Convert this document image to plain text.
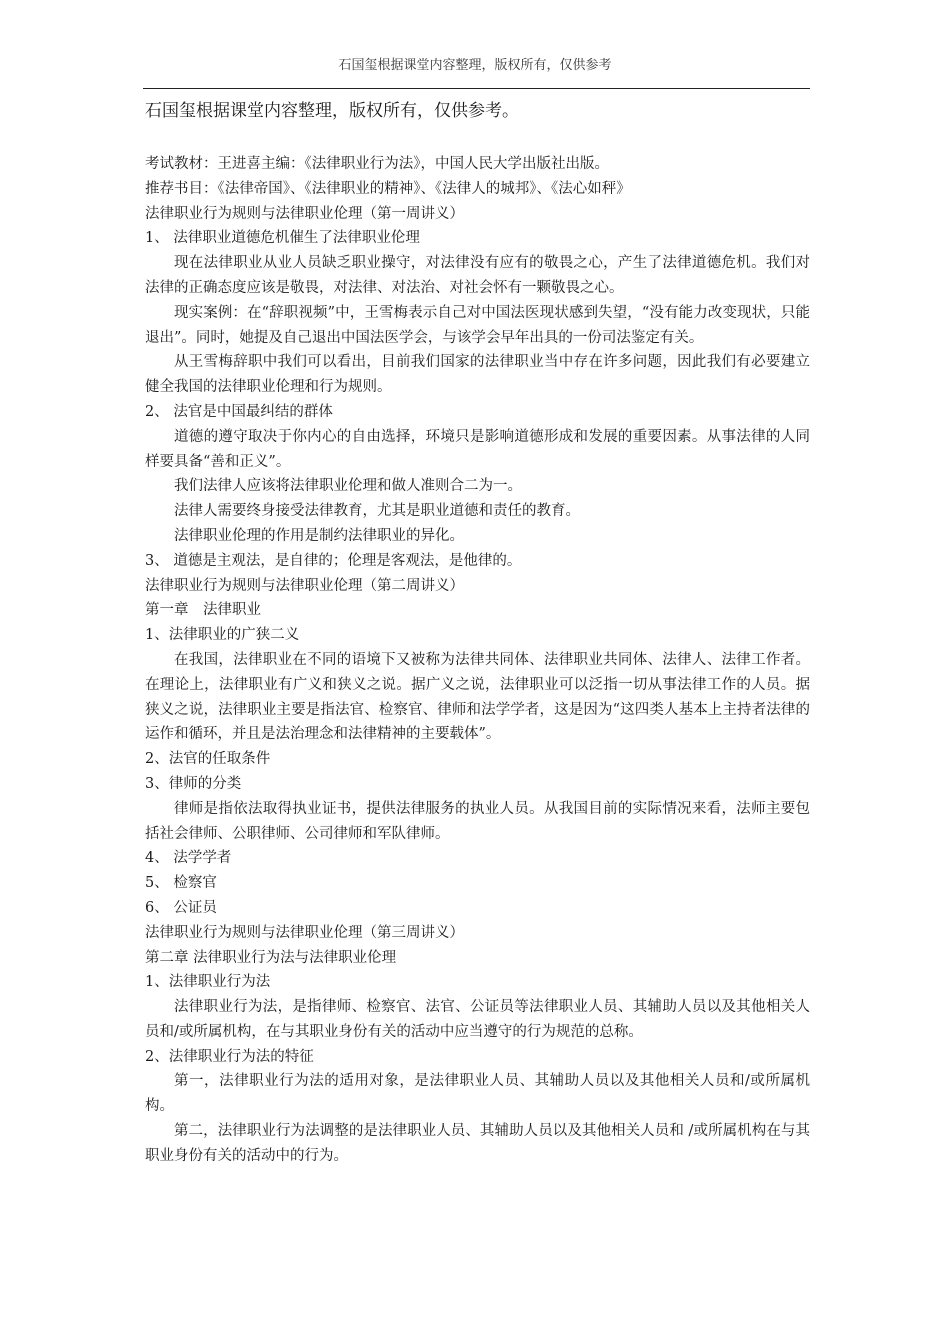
石国玺根据课堂内容整理，版权所有，仅供参考

石国玺根据课堂内容整理，版权所有，仅供参考。

考试教材：王进喜主编：《法律职业行为法》，中国人民大学出版社出版。

推荐书目：《法律帝国》、《法律职业的精神》、《法律人的城邦》、《法心如秤》

法律职业行为规则与法律职业伦理（第一周讲义）

1、 法律职业道德危机催生了法律职业伦理

现在法律职业从业人员缺乏职业操守，对法律没有应有的敬畏之心，产生了法律道德危机。我们对法律的正确态度应该是敬畏，对法律、对法治、对社会怀有一颗敬畏之心。

现实案例：在“辞职视频”中，王雪梅表示自己对中国法医现状感到失望，“没有能力改变现状，只能退出”。同时，她提及自己退出中国法医学会，与该学会早年出具的一份司法鉴定有关。

从王雪梅辞职中我们可以看出，目前我们国家的法律职业当中存在许多问题，因此我们有必要建立健全我国的法律职业伦理和行为规则。

2、 法官是中国最纠结的群体

道德的遵守取决于你内心的自由选择，环境只是影响道德形成和发展的重要因素。从事法律的人同样要具备“善和正义”。

我们法律人应该将法律职业伦理和做人准则合二为一。

法律人需要终身接受法律教育，尤其是职业道德和责任的教育。

法律职业伦理的作用是制约法律职业的异化。

3、 道德是主观法，是自律的；伦理是客观法，是他律的。

法律职业行为规则与法律职业伦理（第二周讲义）

第一章　法律职业

1、法律职业的广狭二义

在我国，法律职业在不同的语境下又被称为法律共同体、法律职业共同体、法律人、法律工作者。在理论上，法律职业有广义和狭义之说。据广义之说，法律职业可以泛指一切从事法律工作的人员。据狭义之说，法律职业主要是指法官、检察官、律师和法学学者，这是因为“这四类人基本上主持者法律的运作和循环，并且是法治理念和法律精神的主要载体”。

2、法官的任取条件

3、律师的分类

律师是指依法取得执业证书，提供法律服务的执业人员。从我国目前的实际情况来看，法师主要包括社会律师、公职律师、公司律师和军队律师。

4、 法学学者

5、 检察官

6、 公证员

法律职业行为规则与法律职业伦理（第三周讲义）

第二章 法律职业行为法与法律职业伦理

1、法律职业行为法

法律职业行为法，是指律师、检察官、法官、公证员等法律职业人员、其辅助人员以及其他相关人员和/或所属机构，在与其职业身份有关的活动中应当遵守的行为规范的总称。

2、法律职业行为法的特征

第一，法律职业行为法的适用对象，是法律职业人员、其辅助人员以及其他相关人员和/或所属机构。

第二，法律职业行为法调整的是法律职业人员、其辅助人员以及其他相关人员和 /或所属机构在与其职业身份有关的活动中的行为。
